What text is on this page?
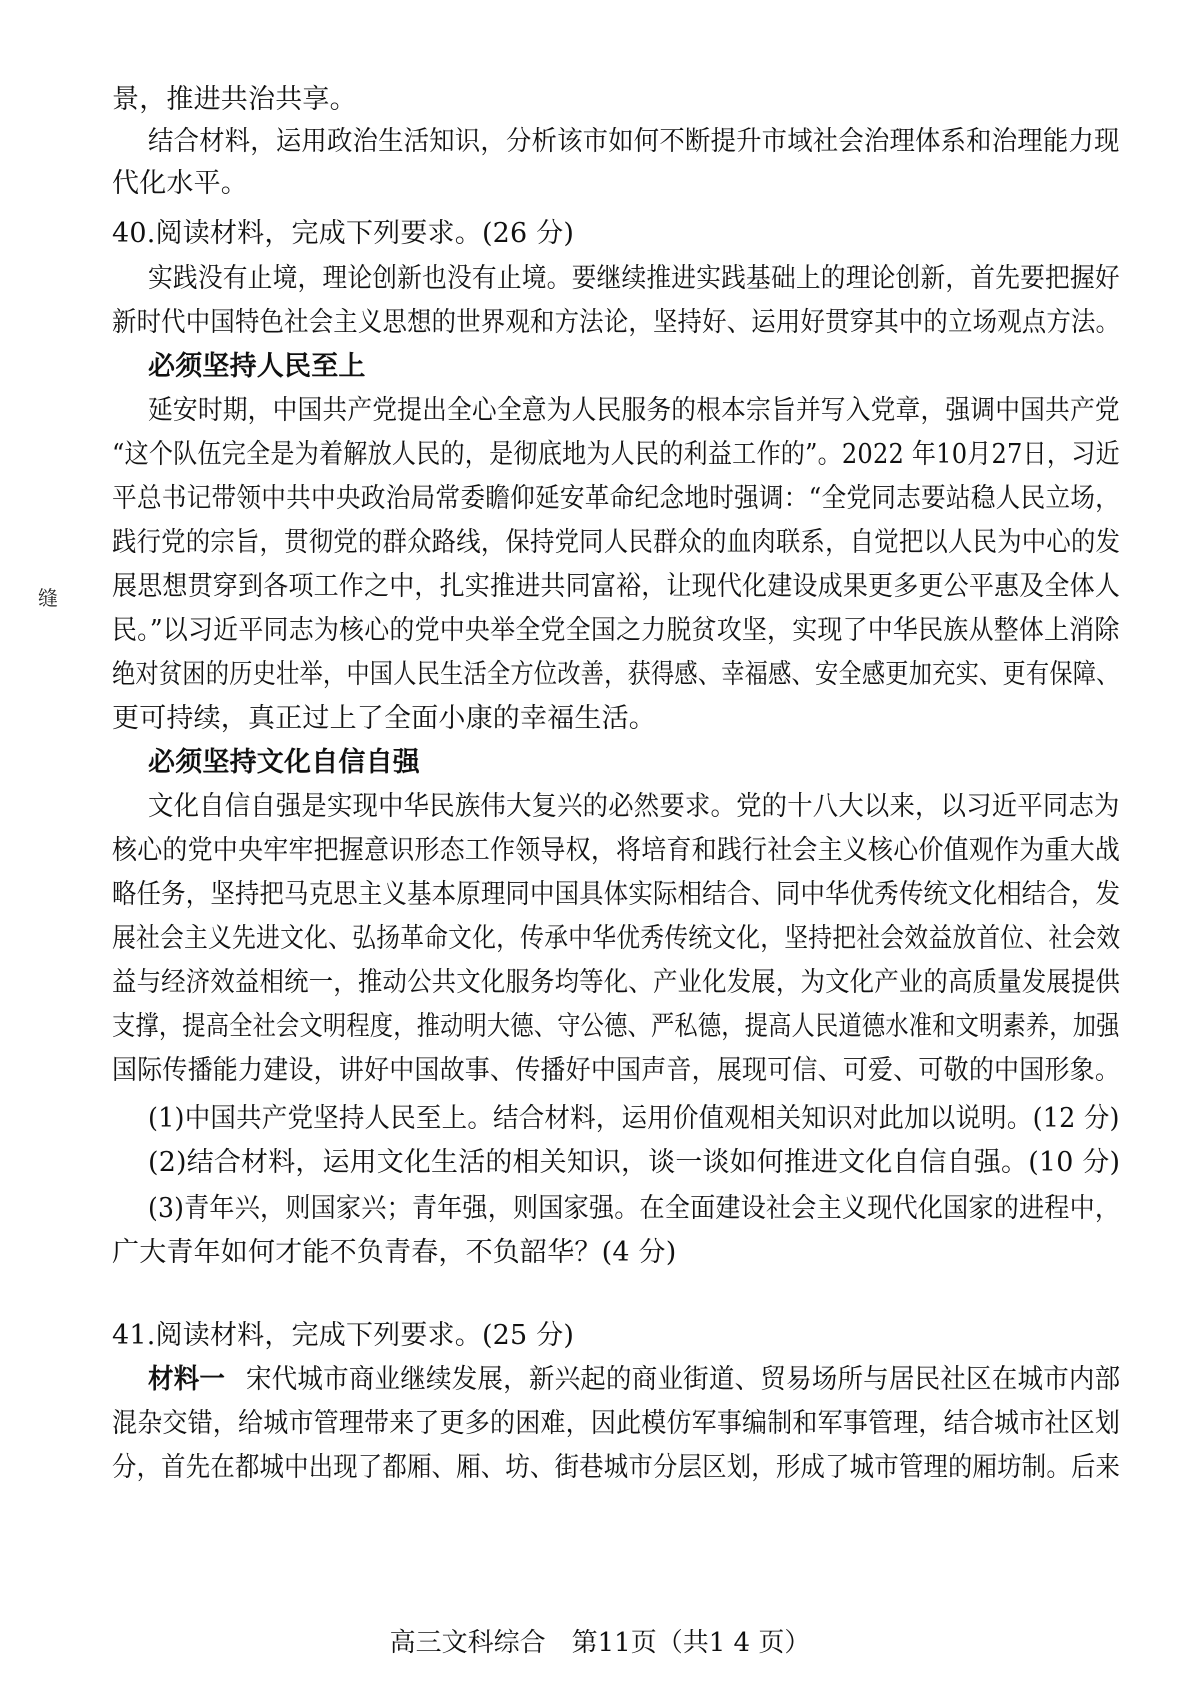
景，推进共治共享。
结合材料，运用政治生活知识，分析该市如何不断提升市域社会治理体系和治理能力现
代化水平。
40.阅读材料，完成下列要求。(26 分)
实践没有止境，理论创新也没有止境。要继续推进实践基础上的理论创新，首先要把握好
新时代中国特色社会主义思想的世界观和方法论，坚持好、运用好贯穿其中的立场观点方法。
必须坚持人民至上
延安时期，中国共产党提出全心全意为人民服务的根本宗旨并写入党章，强调中国共产党
“这个队伍完全是为着解放人民的，是彻底地为人民的利益工作的”。2022 年10月27日，习近
平总书记带领中共中央政治局常委瞻仰延安革命纪念地时强调：“全党同志要站稳人民立场，
践行党的宗旨，贯彻党的群众路线，保持党同人民群众的血肉联系，自觉把以人民为中心的发
展思想贯穿到各项工作之中，扎实推进共同富裕，让现代化建设成果更多更公平惠及全体人
民。”以习近平同志为核心的党中央举全党全国之力脱贫攻坚，实现了中华民族从整体上消除
绝对贫困的历史壮举，中国人民生活全方位改善，获得感、幸福感、安全感更加充实、更有保障、
更可持续，真正过上了全面小康的幸福生活。
必须坚持文化自信自强
文化自信自强是实现中华民族伟大复兴的必然要求。党的十八大以来，以习近平同志为
核心的党中央牢牢把握意识形态工作领导权，将培育和践行社会主义核心价值观作为重大战
略任务，坚持把马克思主义基本原理同中国具体实际相结合、同中华优秀传统文化相结合，发
展社会主义先进文化、弘扬革命文化，传承中华优秀传统文化，坚持把社会效益放首位、社会效
益与经济效益相统一，推动公共文化服务均等化、产业化发展，为文化产业的高质量发展提供
支撑，提高全社会文明程度，推动明大德、守公德、严私德，提高人民道德水准和文明素养，加强
国际传播能力建设，讲好中国故事、传播好中国声音，展现可信、可爱、可敬的中国形象。
(1)中国共产党坚持人民至上。结合材料，运用价值观相关知识对此加以说明。(12 分)
(2)结合材料，运用文化生活的相关知识，谈一谈如何推进文化自信自强。(10 分)
(3)青年兴，则国家兴；青年强，则国家强。在全面建设社会主义现代化国家的进程中，
广大青年如何才能不负青春，不负韶华？(4 分)
41.阅读材料，完成下列要求。(25 分)
材料一 宋代城市商业继续发展，新兴起的商业街道、贸易场所与居民社区在城市内部
混杂交错，给城市管理带来了更多的困难，因此模仿军事编制和军事管理，结合城市社区划
分，首先在都城中出现了都厢、厢、坊、街巷城市分层区划，形成了城市管理的厢坊制。后来
缝
高三文科综合　第11页（共1 4 页）
